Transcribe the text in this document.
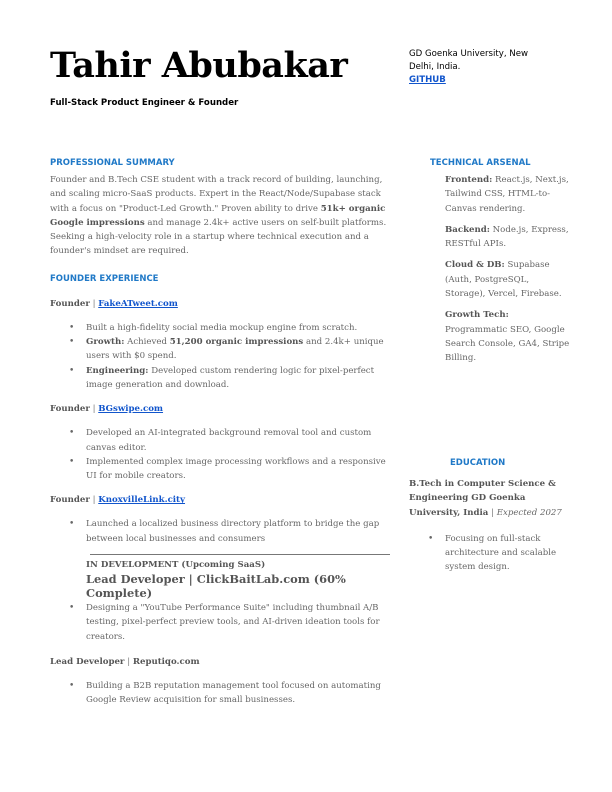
Tahir Abubakar
Full-Stack Product Engineer & Founder
GD Goenka University, New
Delhi, India.
GITHUB
PROFESSIONAL SUMMARY
Founder and B.Tech CSE student with a track record of building, launching, and scaling micro-SaaS products. Expert in the React/Node/Supabase stack with a focus on "Product-Led Growth." Proven ability to drive 51k+ organic Google impressions and manage 2.4k+ active users on self-built platforms. Seeking a high-velocity role in a startup where technical execution and a founder's mindset are required.
FOUNDER EXPERIENCE
Founder | FakeATweet.com
• Built a high-fidelity social media mockup engine from scratch.
• Growth: Achieved 51,200 organic impressions and 2.4k+ unique users with $0 spend.
• Engineering: Developed custom rendering logic for pixel-perfect image generation and download.
Founder | BGswipe.com
• Developed an AI-integrated background removal tool and custom canvas editor.
• Implemented complex image processing workflows and a responsive UI for mobile creators.
Founder | KnoxvilleLink.city
• Launched a localized business directory platform to bridge the gap between local businesses and consumers
IN DEVELOPMENT (Upcoming SaaS)
Lead Developer | ClickBaitLab.com (60% Complete)
• Designing a "YouTube Performance Suite" including thumbnail A/B testing, pixel-perfect preview tools, and AI-driven ideation tools for creators.
Lead Developer | Reputiqo.com
• Building a B2B reputation management tool focused on automating Google Review acquisition for small businesses.
TECHNICAL ARSENAL
Frontend: React.js, Next.js, Tailwind CSS, HTML-to-Canvas rendering.
Backend: Node.js, Express, RESTful APIs.
Cloud & DB: Supabase (Auth, PostgreSQL, Storage), Vercel, Firebase.
Growth Tech: Programmatic SEO, Google Search Console, GA4, Stripe Billing.
EDUCATION
B.Tech in Computer Science & Engineering GD Goenka University, India | Expected 2027
• Focusing on full-stack architecture and scalable system design.
